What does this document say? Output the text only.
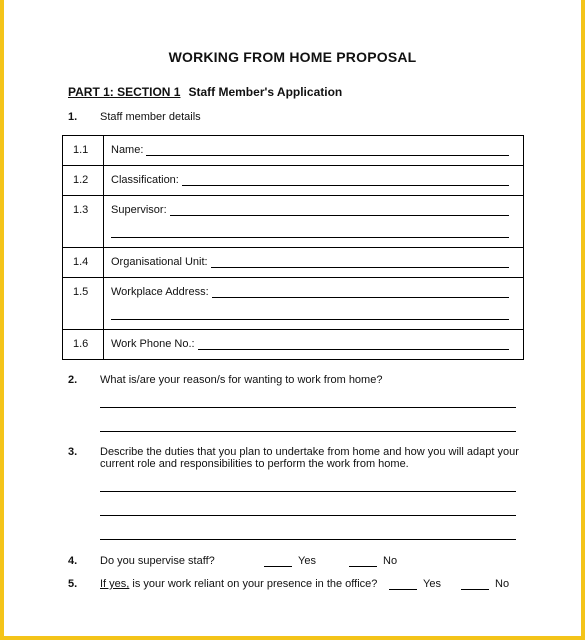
WORKING FROM HOME PROPOSAL
PART 1: SECTION 1 Staff Member's Application
1. Staff member details
1.1	Name:

1.2	Classification:

1.3	Supervisor:

1.4	Organisational Unit:

1.5	Workplace Address:

1.6	Work Phone No.:
2. What is/are your reason/s for wanting to work from home?
3. Describe the duties that you plan to undertake from home and how you will adapt your
current role and responsibilities to perform the work from home.
4. Do you supervise staff?	Yes	No
5. If yes, is your work reliant on your presence in the office?	Yes	No
